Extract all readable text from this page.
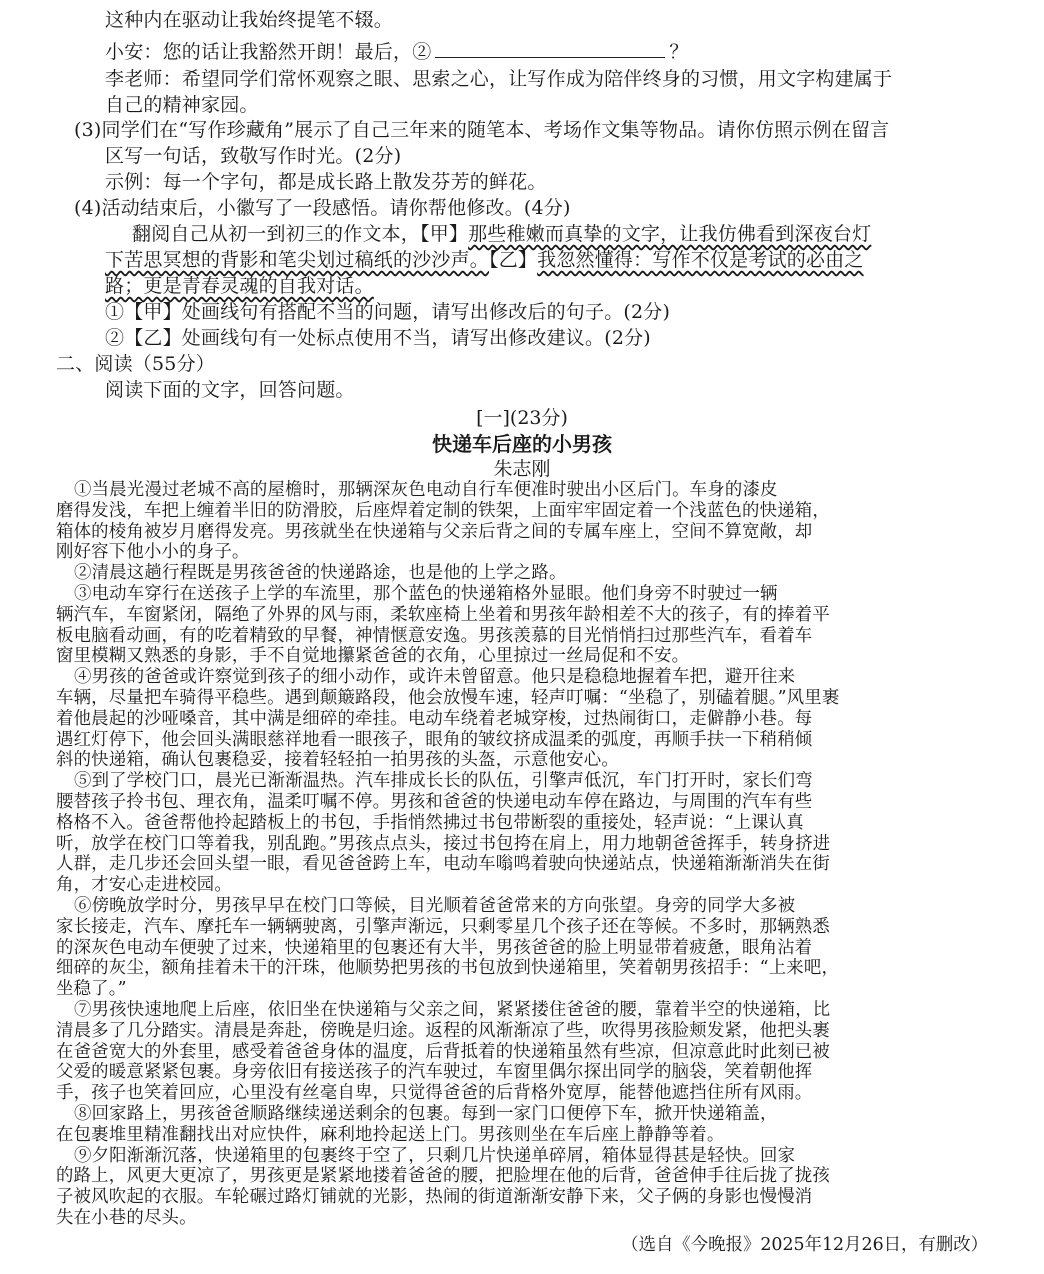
这种内在驱动让我始终提笔不辍。
小安：您的话让我豁然开朗！最后，②	？
李老师：希望同学们常怀观察之眼、思索之心，让写作成为陪伴终身的习惯，用文字构建属于
自己的精神家园。
(3)同学们在“写作珍藏角”展示了自己三年来的随笔本、考场作文集等物品。请你仿照示例在留言
区写一句话，致敬写作时光。(2分)
示例：每一个字句，都是成长路上散发芬芳的鲜花。
(4)活动结束后，小徽写了一段感悟。请你帮他修改。(4分)
翻阅自己从初一到初三的作文本，【甲】那些稚嫩而真挚的文字，让我仿佛看到深夜台灯
下苦思冥想的背影和笔尖划过稿纸的沙沙声。【乙】我忽然懂得：写作不仅是考试的必由之
路；更是青春灵魂的自我对话。
①【甲】处画线句有搭配不当的问题，请写出修改后的句子。(2分)
②【乙】处画线句有一处标点使用不当，请写出修改建议。(2分)
二、阅读（55分）
阅读下面的文字，回答问题。
[一](23分)
快递车后座的小男孩
朱志刚
①当晨光漫过老城不高的屋檐时，那辆深灰色电动自行车便准时驶出小区后门。车身的漆皮
磨得发浅，车把上缠着半旧的防滑胶，后座焊着定制的铁架，上面牢牢固定着一个浅蓝色的快递箱，
箱体的棱角被岁月磨得发亮。男孩就坐在快递箱与父亲后背之间的专属车座上，空间不算宽敞，却
刚好容下他小小的身子。
②清晨这趟行程既是男孩爸爸的快递路途，也是他的上学之路。
③电动车穿行在送孩子上学的车流里，那个蓝色的快递箱格外显眼。他们身旁不时驶过一辆
辆汽车，车窗紧闭，隔绝了外界的风与雨，柔软座椅上坐着和男孩年龄相差不大的孩子，有的捧着平
板电脑看动画，有的吃着精致的早餐，神情惬意安逸。男孩羡慕的目光悄悄扫过那些汽车，看着车
窗里模糊又熟悉的身影，手不自觉地攥紧爸爸的衣角，心里掠过一丝局促和不安。
④男孩的爸爸或许察觉到孩子的细小动作，或许未曾留意。他只是稳稳地握着车把，避开往来
车辆，尽量把车骑得平稳些。遇到颠簸路段，他会放慢车速，轻声叮嘱：“坐稳了，别磕着腿。”风里裹
着他晨起的沙哑嗓音，其中满是细碎的牵挂。电动车绕着老城穿梭，过热闹街口，走僻静小巷。每
遇红灯停下，他会回头满眼慈祥地看一眼孩子，眼角的皱纹挤成温柔的弧度，再顺手扶一下稍稍倾
斜的快递箱，确认包裹稳妥，接着轻轻拍一拍男孩的头盔，示意他安心。
⑤到了学校门口，晨光已渐渐温热。汽车排成长长的队伍，引擎声低沉，车门打开时，家长们弯
腰替孩子拎书包、理衣角，温柔叮嘱不停。男孩和爸爸的快递电动车停在路边，与周围的汽车有些
格格不入。爸爸帮他拎起踏板上的书包，手指悄然拂过书包带断裂的重接处，轻声说：“上课认真
听，放学在校门口等着我，别乱跑。”男孩点点头，接过书包挎在肩上，用力地朝爸爸挥手，转身挤进
人群，走几步还会回头望一眼，看见爸爸跨上车，电动车嗡鸣着驶向快递站点，快递箱渐渐消失在街
角，才安心走进校园。
⑥傍晚放学时分，男孩早早在校门口等候，目光顺着爸爸常来的方向张望。身旁的同学大多被
家长接走，汽车、摩托车一辆辆驶离，引擎声渐远，只剩零星几个孩子还在等候。不多时，那辆熟悉
的深灰色电动车便驶了过来，快递箱里的包裹还有大半，男孩爸爸的脸上明显带着疲惫，眼角沾着
细碎的灰尘，额角挂着未干的汗珠，他顺势把男孩的书包放到快递箱里，笑着朝男孩招手：“上来吧，
坐稳了。”
⑦男孩快速地爬上后座，依旧坐在快递箱与父亲之间，紧紧搂住爸爸的腰，靠着半空的快递箱，比
清晨多了几分踏实。清晨是奔赴，傍晚是归途。返程的风渐渐凉了些，吹得男孩脸颊发紧，他把头裹
在爸爸宽大的外套里，感受着爸爸身体的温度，后背抵着的快递箱虽然有些凉，但凉意此时此刻已被
父爱的暖意紧紧包裹。身旁依旧有接送孩子的汽车驶过，车窗里偶尔探出同学的脑袋，笑着朝他挥
手，孩子也笑着回应，心里没有丝毫自卑，只觉得爸爸的后背格外宽厚，能替他遮挡住所有风雨。
⑧回家路上，男孩爸爸顺路继续递送剩余的包裹。每到一家门口便停下车，掀开快递箱盖，
在包裹堆里精准翻找出对应快件，麻利地拎起送上门。男孩则坐在车后座上静静等着。
⑨夕阳渐渐沉落，快递箱里的包裹终于空了，只剩几片快递单碎屑，箱体显得甚是轻快。回家
的路上，风更大更凉了，男孩更是紧紧地搂着爸爸的腰，把脸埋在他的后背，爸爸伸手往后拢了拢孩
子被风吹起的衣服。车轮碾过路灯铺就的光影，热闹的街道渐渐安静下来，父子俩的身影也慢慢消
失在小巷的尽头。
（选自《今晚报》2025年12月26日，有删改）
